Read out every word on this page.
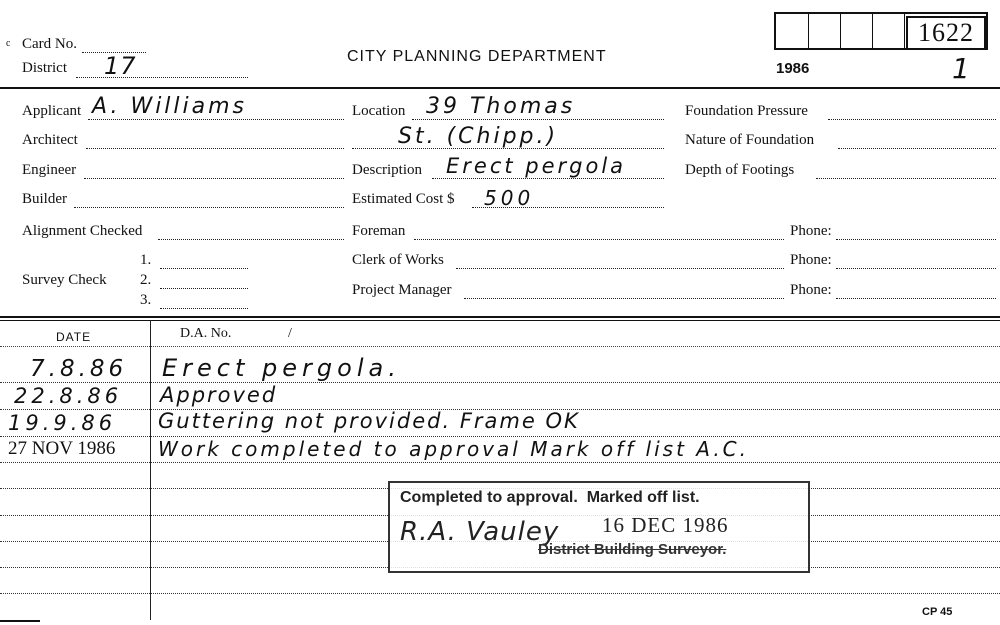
c Card No.
District 17	CITY PLANNING DEPARTMENT
1986	1
1622
Applicant A. Williams
Architect
Engineer
Builder
Alignment Checked
Survey Check
1.
2.
3.
Location 39 Thomas
St. (Chipp.)
Description Erect pergola
Estimated Cost $ 500
Foreman
Clerk of Works
Project Manager
Foundation Pressure
Nature of Foundation
Depth of Footings
Phone:
Phone:
Phone:
DATE	D.A. No.	/
7.8.86 Erect pergola.
22.8.86 Approved
19.9.86 Guttering not provided. Frame OK
27 NOV 1986 Work completed to approval Mark off list A.C.
Completed to approval.  Marked off list.
16 DEC 1986
R.A. Vauley
District Building Surveyor.
CP 45
